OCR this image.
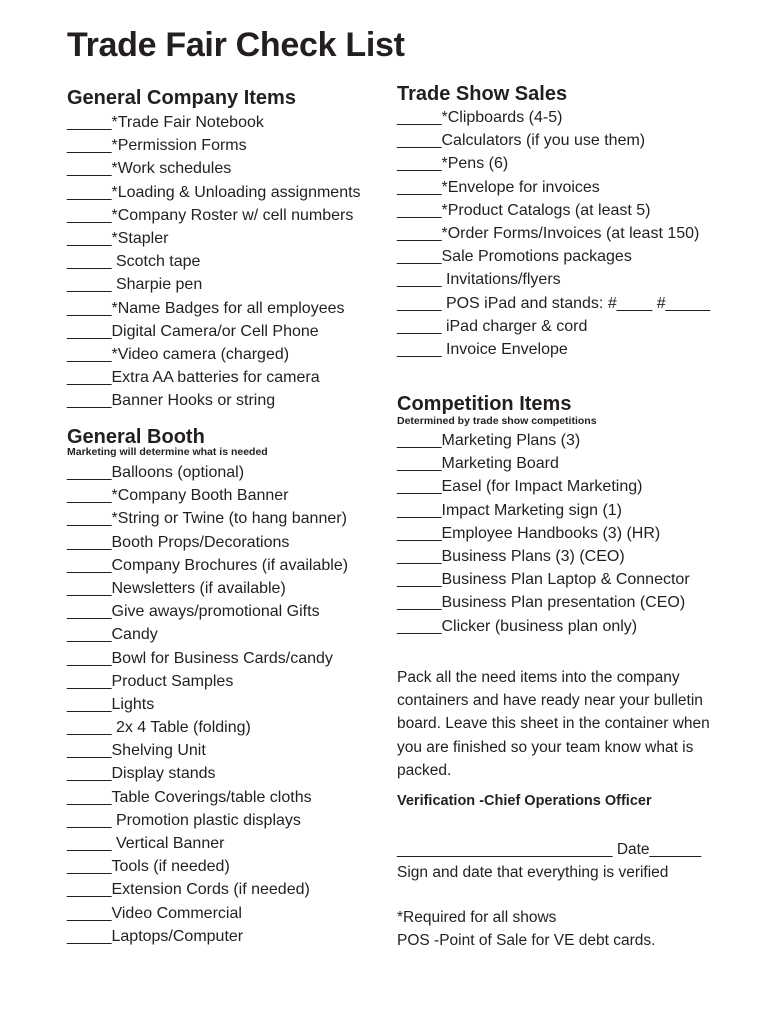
Trade Fair Check List
General Company Items
_____*Trade Fair Notebook
_____*Permission Forms
_____*Work schedules
_____*Loading & Unloading assignments
_____*Company Roster w/ cell numbers
_____*Stapler
_____ Scotch tape
_____ Sharpie pen
_____*Name Badges for all employees
_____Digital Camera/or Cell Phone
_____*Video camera (charged)
_____Extra AA batteries for camera
_____Banner Hooks or string
General Booth
Marketing will determine what is needed
_____Balloons (optional)
_____*Company Booth Banner
_____*String or Twine (to hang banner)
_____Booth Props/Decorations
_____Company Brochures (if available)
_____Newsletters (if available)
_____Give aways/promotional Gifts
_____Candy
_____Bowl for Business Cards/candy
_____Product Samples
_____Lights
_____ 2x 4 Table (folding)
_____Shelving Unit
_____Display stands
_____Table Coverings/table cloths
_____ Promotion plastic displays
_____ Vertical Banner
_____Tools (if needed)
_____Extension Cords (if needed)
_____Video Commercial
_____Laptops/Computer
Trade Show Sales
_____*Clipboards (4-5)
_____Calculators (if you use them)
_____*Pens (6)
_____*Envelope for invoices
_____*Product Catalogs (at least 5)
_____*Order Forms/Invoices (at least 150)
_____Sale Promotions packages
_____ Invitations/flyers
_____ POS iPad and stands: #____ #_____
_____ iPad charger & cord
_____ Invoice Envelope
Competition Items
Determined by trade show competitions
_____Marketing Plans (3)
_____Marketing Board
_____Easel (for Impact Marketing)
_____Impact Marketing sign (1)
_____Employee Handbooks (3) (HR)
_____Business Plans (3) (CEO)
_____Business Plan Laptop & Connector
_____Business Plan presentation (CEO)
_____Clicker (business plan only)
Pack all the need items into the company containers and have ready near your bulletin board. Leave this sheet in the container when you are finished so your team know what is packed.
Verification -Chief Operations Officer
_________________________ Date______
Sign and date that everything is verified
*Required for all shows
POS -Point of Sale for VE debt cards.
